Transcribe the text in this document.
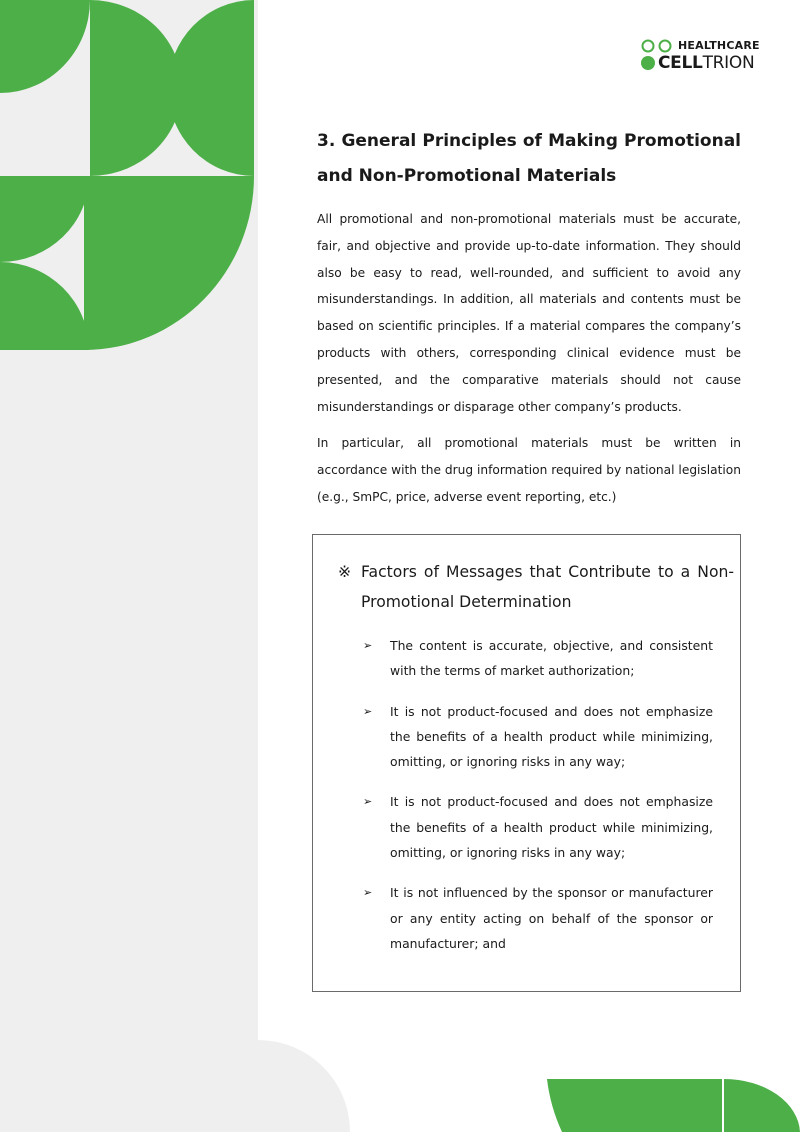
HEALTHCARE
CELLTRION
3. General Principles of Making Promotional and Non-Promotional Materials

All promotional and non-promotional materials must be accurate, fair, and objective and provide up-to-date information. They should also be easy to read, well-rounded, and sufficient to avoid any misunderstandings. In addition, all materials and contents must be based on scientific principles. If a material compares the company’s products with others, corresponding clinical evidence must be presented, and the comparative materials should not cause misunderstandings or disparage other company’s products.

In particular, all promotional materials must be written in accordance with the drug information required by national legislation (e.g., SmPC, price, adverse event reporting, etc.)

※ Factors of Messages that Contribute to a Non-Promotional Determination
➢ The content is accurate, objective, and consistent with the terms of market authorization;
➢ It is not product-focused and does not emphasize the benefits of a health product while minimizing, omitting, or ignoring risks in any way;
➢ It is not product-focused and does not emphasize the benefits of a health product while minimizing, omitting, or ignoring risks in any way;
➢ It is not influenced by the sponsor or manufacturer or any entity acting on behalf of the sponsor or manufacturer; and
